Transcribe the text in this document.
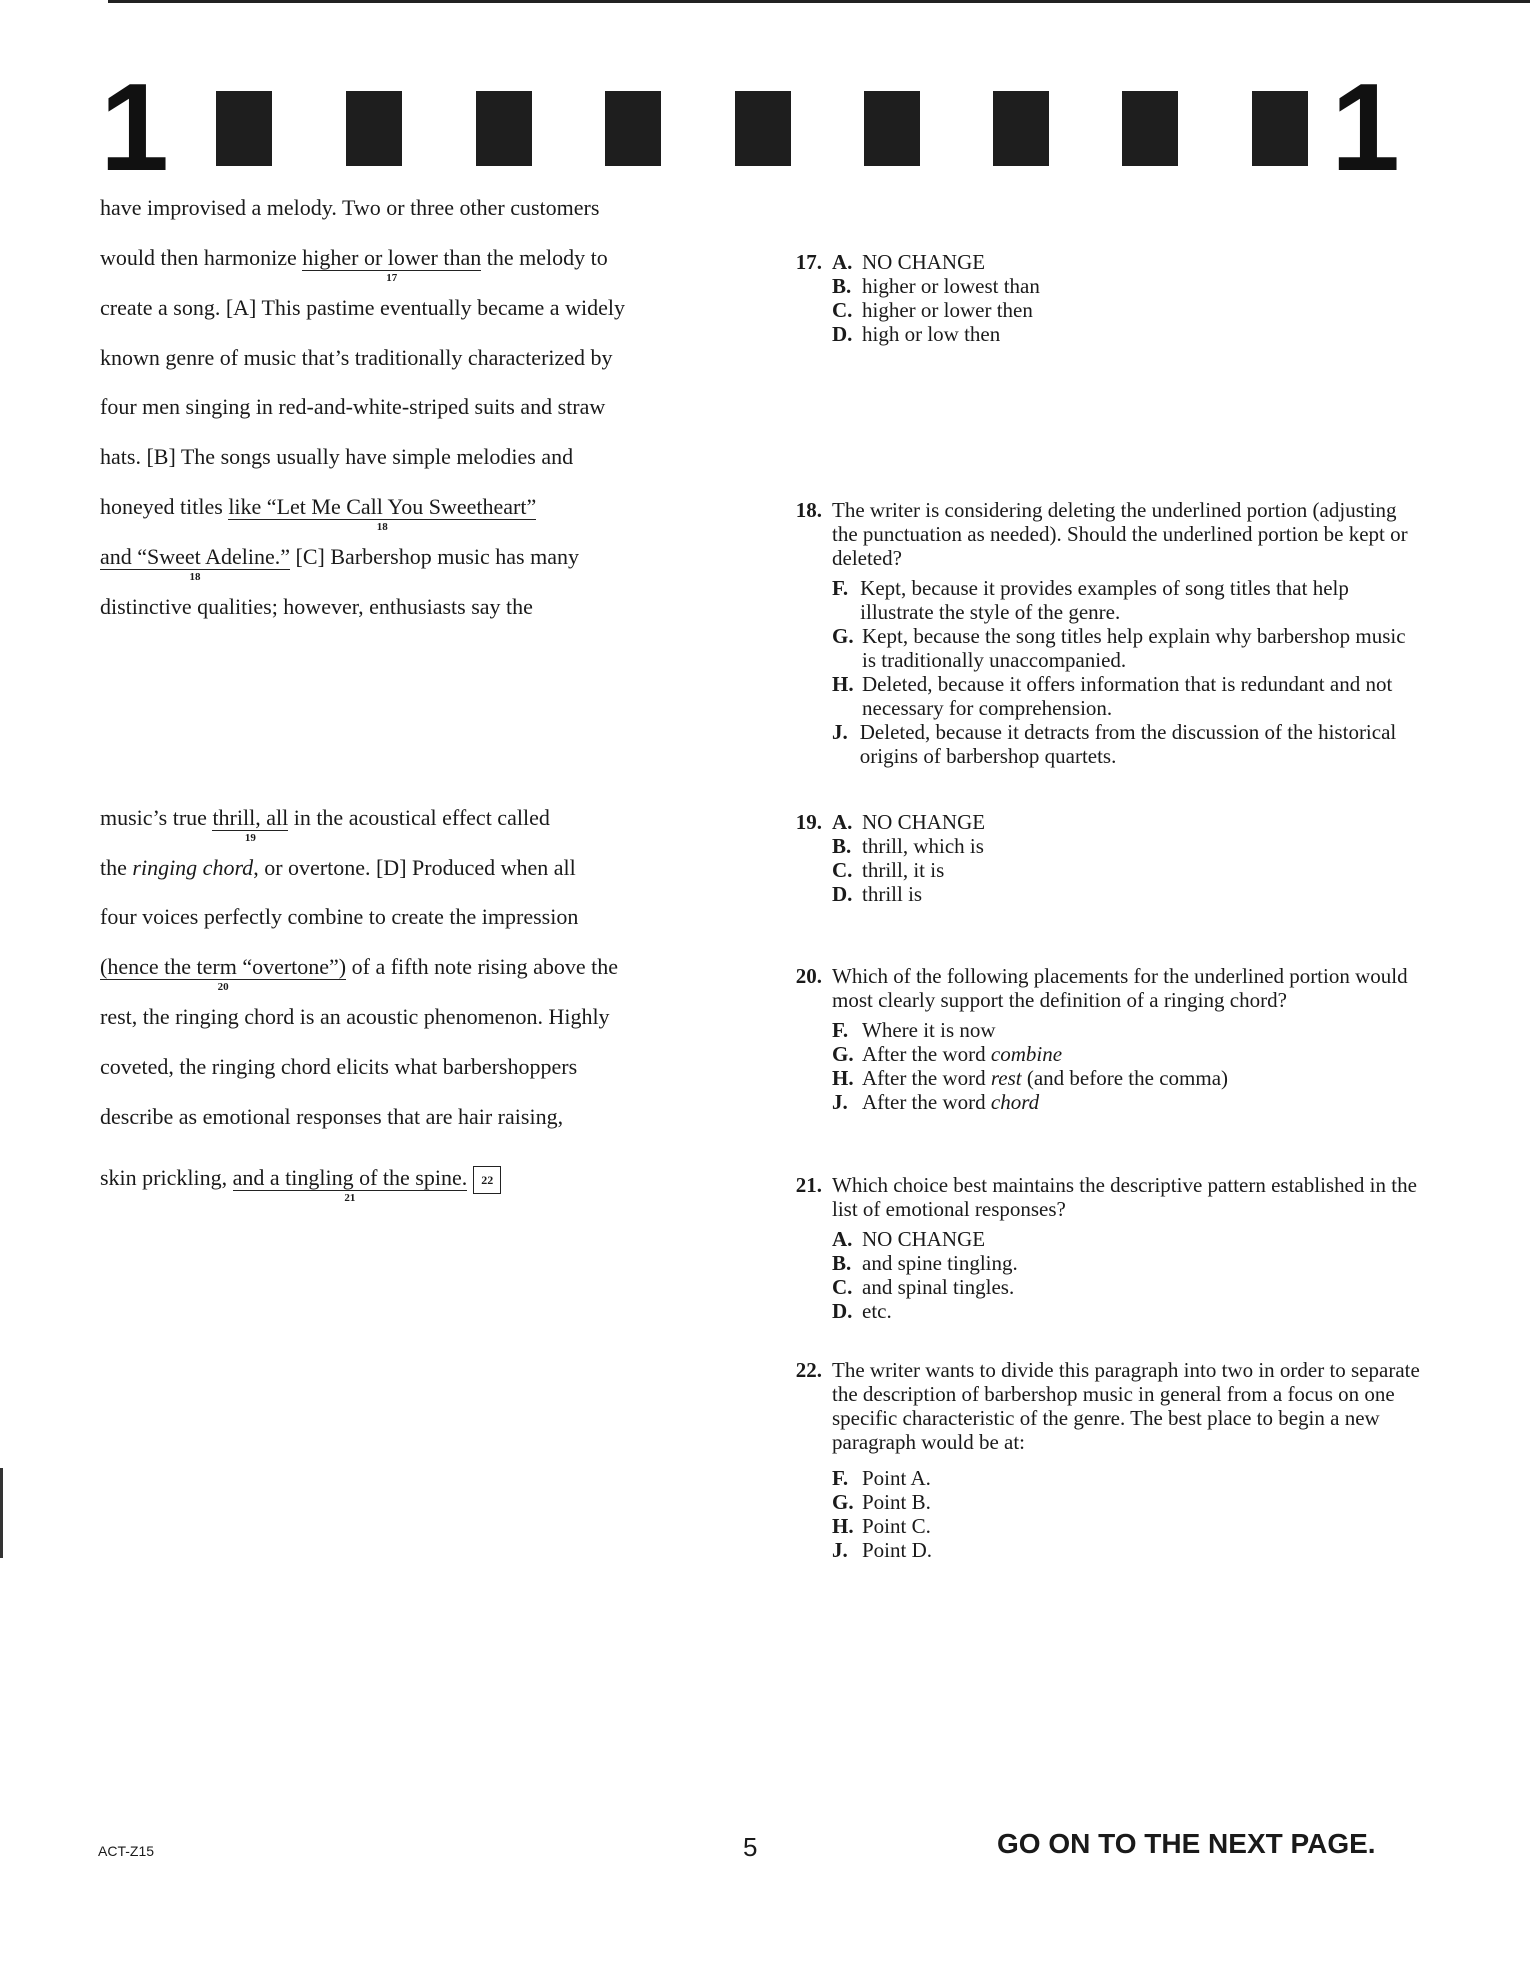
1	1
have improvised a melody. Two or three other customers
would then harmonize higher or lower than
17
the melody to
create a song. [A] This pastime eventually became a widely
known genre of music that’s traditionally characterized by
four men singing in red-and-white-striped suits and straw
hats. [B] The songs usually have simple melodies and
honeyed titles like “Let Me Call You Sweetheart”
18
and “Sweet Adeline.”
18
[C] Barbershop music has many
distinctive qualities; however, enthusiasts say the
music’s true thrill, all
19
in the acoustical effect called
the ringing chord, or overtone. [D] Produced when all
four voices perfectly combine to create the impression
(hence the term “overtone”)
20
of a fifth note rising above the
rest, the ringing chord is an acoustic phenomenon. Highly
coveted, the ringing chord elicits what barbershoppers
describe as emotional responses that are hair raising,
skin prickling, and a tingling of the spine.
21
22
17. A. NO CHANGE
B. higher or lowest than
C. higher or lower then
D. high or low then
18. The writer is considering deleting the underlined portion (adjusting the punctuation as needed). Should the underlined portion be kept or deleted?
F. Kept, because it provides examples of song titles that help illustrate the style of the genre.
G. Kept, because the song titles help explain why barbershop music is traditionally unaccompanied.
H. Deleted, because it offers information that is redundant and not necessary for comprehension.
J. Deleted, because it detracts from the discussion of the historical origins of barbershop quartets.
19. A. NO CHANGE
B. thrill, which is
C. thrill, it is
D. thrill is
20. Which of the following placements for the underlined portion would most clearly support the definition of a ringing chord?
F. Where it is now
G. After the word combine
H. After the word rest (and before the comma)
J. After the word chord
21. Which choice best maintains the descriptive pattern established in the list of emotional responses?
A. NO CHANGE
B. and spine tingling.
C. and spinal tingles.
D. etc.
22. The writer wants to divide this paragraph into two in order to separate the description of barbershop music in general from a focus on one specific characteristic of the genre. The best place to begin a new paragraph would be at:
F. Point A.
G. Point B.
H. Point C.
J. Point D.
ACT-Z15	5	GO ON TO THE NEXT PAGE.
